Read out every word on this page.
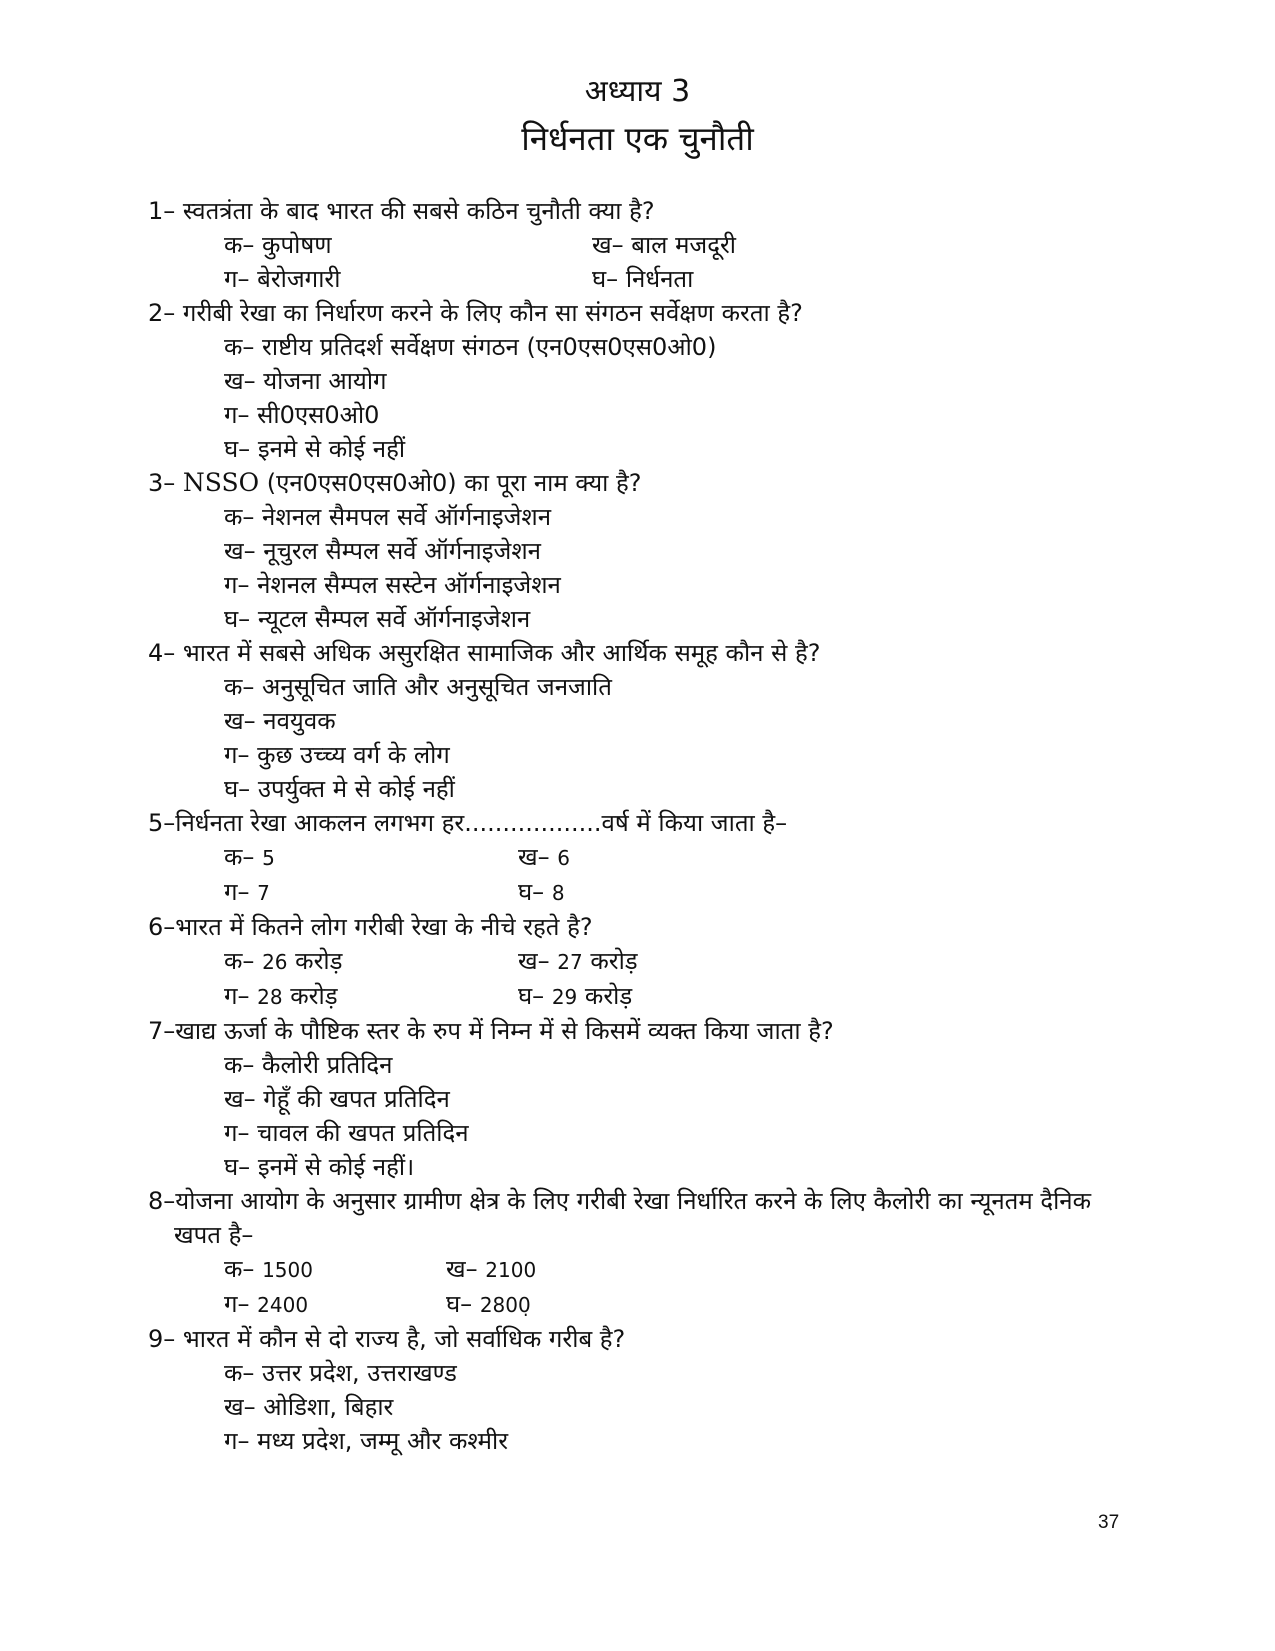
अध्याय 3

निर्धनता एक चुनौती

1– स्वतत्रंता के बाद भारत की सबसे कठिन चुनौती क्या है?
क– कुपोषण	ख– बाल मजदूरी
ग– बेरोजगारी	घ– निर्धनता
2– गरीबी रेखा का निर्धारण करने के लिए कौन सा संगठन सर्वेक्षण करता है?
क– राष्टीय प्रतिदर्श सर्वेक्षण संगठन (एन0एस0एस0ओ0)
ख– योजना आयोग
ग– सी0एस0ओ0
घ– इनमे से कोई नहीं
3– NSSO (एन0एस0एस0ओ0) का पूरा नाम क्या है?
क– नेशनल सैमपल सर्वे ऑर्गनाइजेशन
ख– नूचुरल सैम्पल सर्वे ऑर्गनाइजेशन
ग– नेशनल सैम्पल सस्टेन ऑर्गनाइजेशन
घ– न्यूटल सैम्पल सर्वे ऑर्गनाइजेशन
4– भारत में सबसे अधिक असुरक्षित सामाजिक और आर्थिक समूह कौन से है?
क– अनुसूचित जाति और अनुसूचित जनजाति
ख– नवयुवक
ग– कुछ उच्च्य वर्ग के लोग
घ– उपर्युक्त मे से कोई नहीं
5–निर्धनता रेखा आकलन लगभग हर..................वर्ष में किया जाता है–
क– 5	ख– 6
ग– 7	घ– 8
6–भारत में कितने लोग गरीबी रेखा के नीचे रहते है?
क– 26 करोड़	ख– 27 करोड़
ग– 28 करोड़	घ– 29 करोड़
7–खाद्य ऊर्जा के पौष्टिक स्तर के रुप में निम्न में से किसमें व्यक्त किया जाता है?
क– कैलोरी प्रतिदिन
ख– गेहूँ की खपत प्रतिदिन
ग– चावल की खपत प्रतिदिन
घ– इनमें से कोई नहीं।
8–योजना आयोग के अनुसार ग्रामीण क्षेत्र के लिए गरीबी रेखा निर्धारित करने के लिए कैलोरी का न्यूनतम दैनिक खपत है–
क– 1500	ख– 2100
ग– 2400	घ– 2800̣
9– भारत में कौन से दो राज्य है, जो सर्वाधिक गरीब है?
क– उत्तर प्रदेश, उत्तराखण्ड
ख– ओडिशा, बिहार
ग– मध्य प्रदेश, जम्मू और कश्मीर
37
